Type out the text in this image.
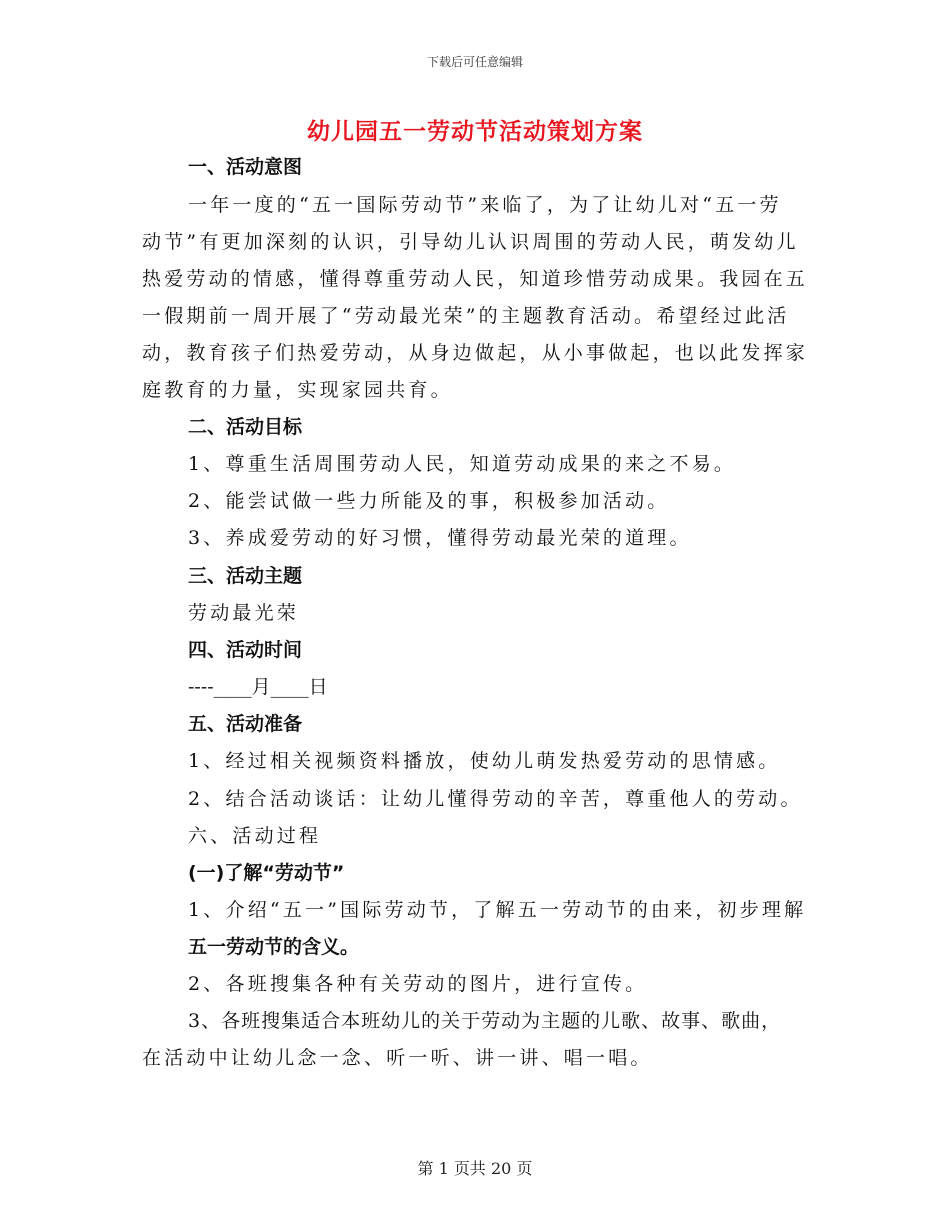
下载后可任意编辑
幼儿园五一劳动节活动策划方案
一、活动意图
一年一度的“五一国际劳动节”来临了，为了让幼儿对“五一劳
动节”有更加深刻的认识，引导幼儿认识周围的劳动人民，萌发幼儿
热爱劳动的情感，懂得尊重劳动人民，知道珍惜劳动成果。我园在五
一假期前一周开展了“劳动最光荣”的主题教育活动。希望经过此活
动，教育孩子们热爱劳动，从身边做起，从小事做起，也以此发挥家
庭教育的力量，实现家园共育。
二、活动目标
1、尊重生活周围劳动人民，知道劳动成果的来之不易。
2、能尝试做一些力所能及的事，积极参加活动。
3、养成爱劳动的好习惯，懂得劳动最光荣的道理。
三、活动主题
劳动最光荣
四、活动时间
----____月____日
五、活动准备
1、经过相关视频资料播放，使幼儿萌发热爱劳动的思情感。
2、结合活动谈话：让幼儿懂得劳动的辛苦，尊重他人的劳动。
六、活动过程
(一)了解“劳动节”
1、介绍“五一”国际劳动节，了解五一劳动节的由来，初步理解
五一劳动节的含义。
2、各班搜集各种有关劳动的图片，进行宣传。
3、各班搜集适合本班幼儿的关于劳动为主题的儿歌、故事、歌曲，
在活动中让幼儿念一念、听一听、讲一讲、唱一唱。
第 1 页共 20 页
